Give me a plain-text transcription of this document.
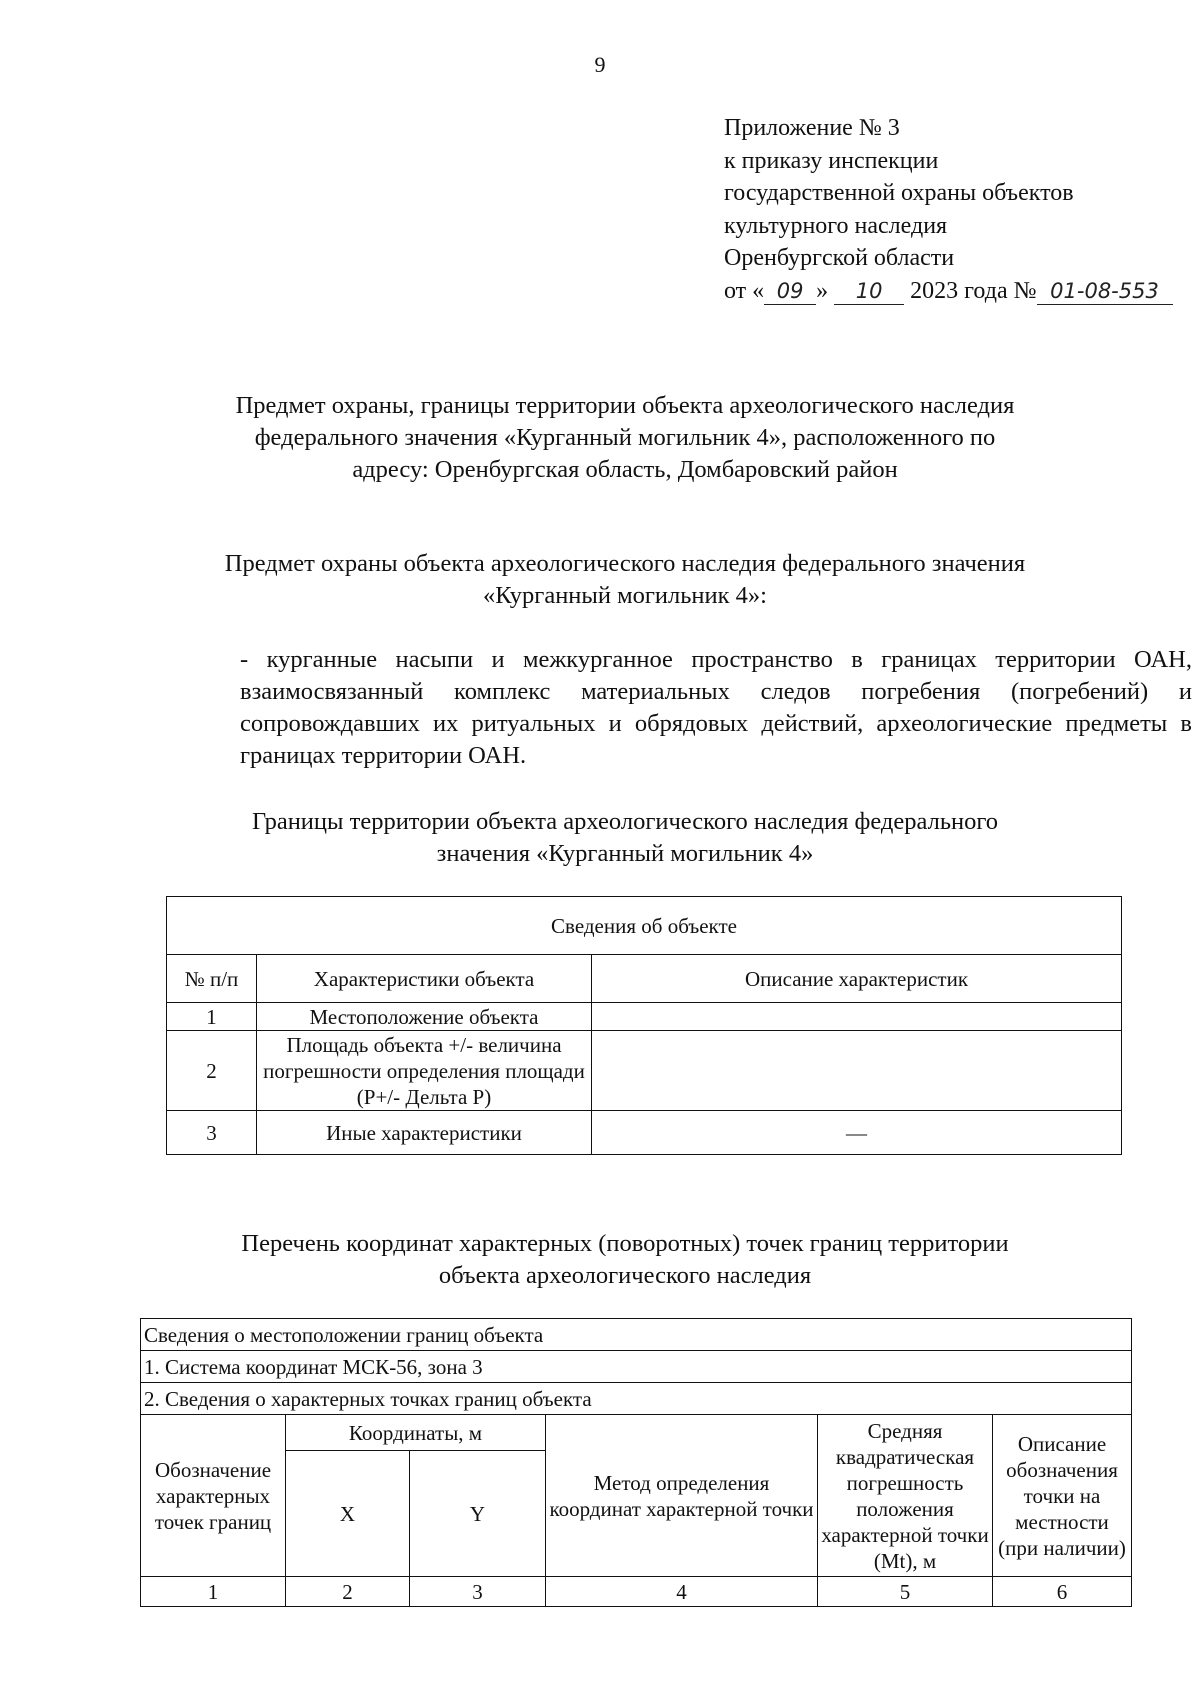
9
Приложение № 3
к приказу инспекции
государственной охраны объектов
культурного наследия
Оренбургской области
от « 09 » 10 2023 года № 01-08-553
Предмет охраны, границы территории объекта археологического наследия
федерального значения «Курганный могильник 4», расположенного по
адресу: Оренбургская область, Домбаровский район
Предмет охраны объекта археологического наследия федерального значения
«Курганный могильник 4»:
- курганные насыпи и межкурганное пространство в границах территории ОАН, взаимосвязанный комплекс материальных следов погребения (погребений) и сопровождавших их ритуальных и обрядовых действий, археологические предметы в границах территории ОАН.
Границы территории объекта археологического наследия федерального
значения «Курганный могильник 4»
Сведения об объекте		
№ п/п	Характеристики объекта	Описание характеристик
1	Местоположение объекта	
2	Площадь объекта +/- величина погрешности определения площади (Р+/- Дельта Р)	
3	Иные характеристики	—
Перечень координат характерных (поворотных) точек границ территории
объекта археологического наследия
Сведения о местоположении границ объекта					
1. Система координат МСК-56, зона 3					
2. Сведения о характерных точках границ объекта					
Обозначение характерных точек границ	Координаты, м		Метод определения координат характерной точки	Средняя квадратическая погрешность положения характерной точки (Mt), м	Описание обозначения точки на местности (при наличии)
	X	Y			
1	2	3	4	5	6
